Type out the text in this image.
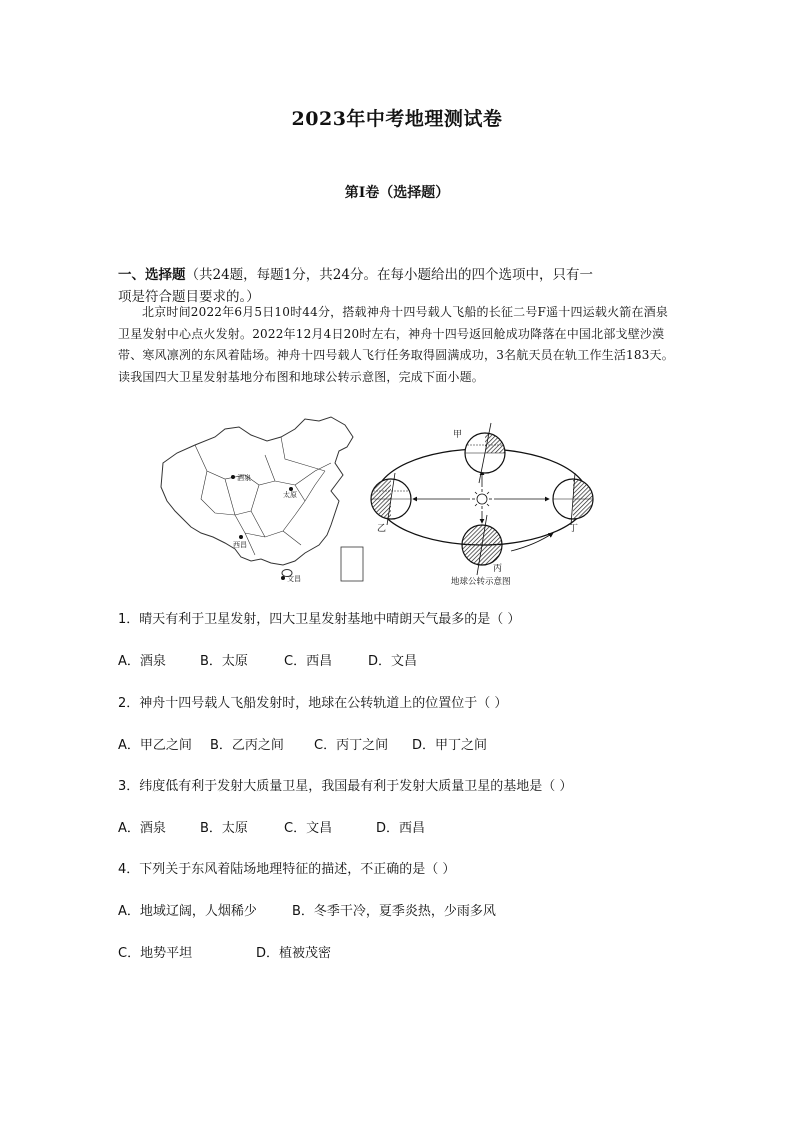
2023年中考地理测试卷
第Ⅰ卷（选择题）
一、选择题（共24题，每题1分，共24分。在每小题给出的四个选项中，只有一
项是符合题目要求的。）
北京时间2022年6月5日10时44分，搭载神舟十四号载人飞船的长征二号F遥十四运载火箭在酒泉卫星发射中心点火发射。2022年12月4日20时左右，神舟十四号返回舱成功降落在中国北部戈壁沙漠带、寒风凛冽的东风着陆场。神舟十四号载人飞行任务取得圆满成功，3名航天员在轨工作生活183天。读我国四大卫星发射基地分布图和地球公转示意图，完成下面小题。
酒泉
太原
西昌
文昌
甲
乙
丙
丁
地球公转示意图
1．晴天有利于卫星发射，四大卫星发射基地中晴朗天气最多的是（ ）
A．酒泉	B．太原	C．西昌	D．文昌
2．神舟十四号载人飞船发射时，地球在公转轨道上的位置位于（ ）
A．甲乙之间 B．乙丙之间 C．丙丁之间 D．甲丁之间
3．纬度低有利于发射大质量卫星，我国最有利于发射大质量卫星的基地是（ ）
A．酒泉	B．太原	C．文昌	D．西昌
4．下列关于东风着陆场地理特征的描述，不正确的是（ ）
A．地域辽阔，人烟稀少	B．冬季干冷，夏季炎热，少雨多风
C．地势平坦	D．植被茂密
